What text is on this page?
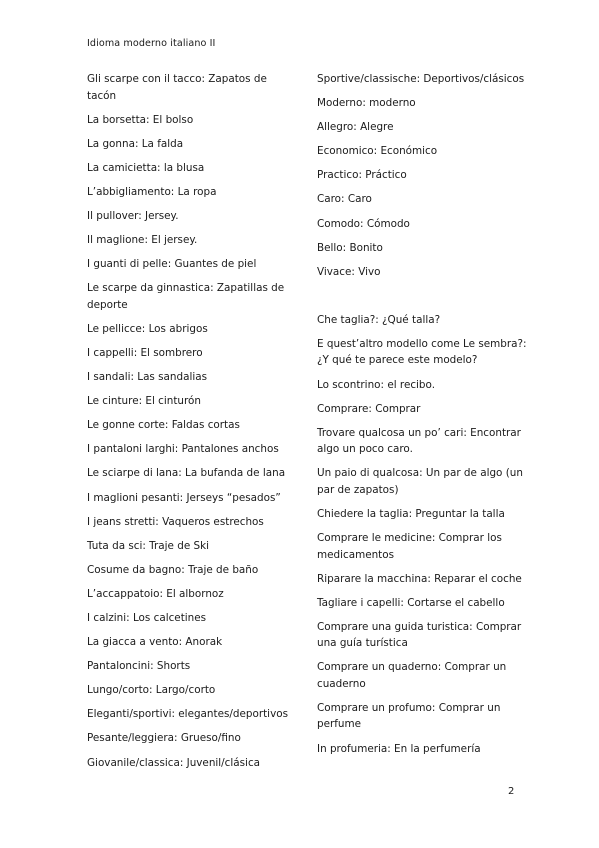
Idioma moderno italiano II
Gli scarpe con il tacco: Zapatos de tacón
La borsetta: El bolso
La gonna: La falda
La camicietta: la blusa
L’abbigliamento: La ropa
Il pullover: Jersey.
Il maglione: El jersey.
I guanti di pelle: Guantes de piel
Le scarpe da ginnastica: Zapatillas de deporte
Le pellicce: Los abrigos
I cappelli: El sombrero
I sandali: Las sandalias
Le cinture: El cinturón
Le gonne corte: Faldas cortas
I pantaloni larghi: Pantalones anchos
Le sciarpe di lana: La bufanda de lana
I maglioni pesanti: Jerseys “pesados”
I jeans stretti: Vaqueros estrechos
Tuta da sci: Traje de Ski
Cosume da bagno: Traje de baño
L’accappatoio: El albornoz
I calzini: Los calcetines
La giacca a vento: Anorak
Pantaloncini: Shorts
Lungo/corto: Largo/corto
Eleganti/sportivi: elegantes/deportivos
Pesante/leggiera: Grueso/fino
Giovanile/classica: Juvenil/clásica
Sportive/classische: Deportivos/clásicos
Moderno: moderno
Allegro: Alegre
Economico: Económico
Practico: Práctico
Caro: Caro
Comodo: Cómodo
Bello: Bonito
Vivace: Vivo
Che taglia?: ¿Qué talla?
E quest’altro modello come Le sembra?: ¿Y qué te parece este modelo?
Lo scontrino: el recibo.
Comprare: Comprar
Trovare qualcosa un po’ cari: Encontrar algo un poco caro.
Un paio di qualcosa: Un par de algo (un par de zapatos)
Chiedere la taglia: Preguntar la talla
Comprare le medicine: Comprar los medicamentos
Riparare la macchina: Reparar el coche
Tagliare i capelli: Cortarse el cabello
Comprare una guida turistica: Comprar una guía turística
Comprare un quaderno: Comprar un cuaderno
Comprare un profumo: Comprar un perfume
In profumeria: En la perfumería
2
